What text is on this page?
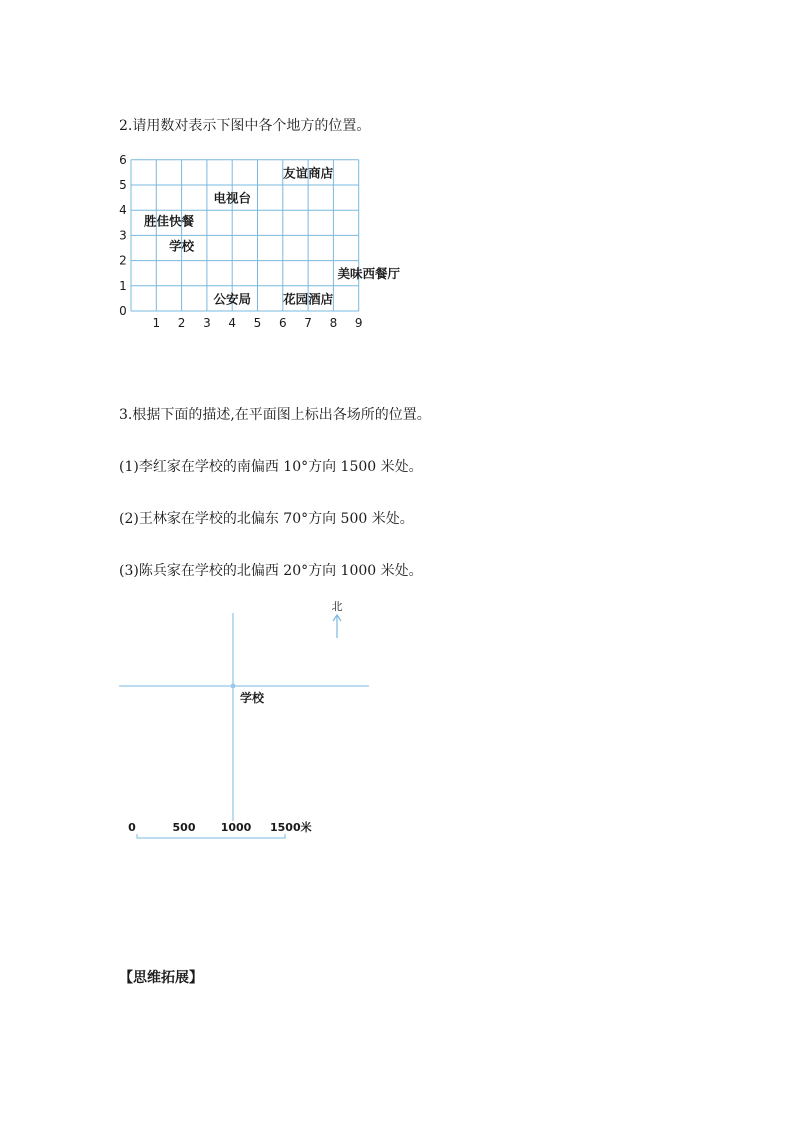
2.请用数对表示下图中各个地方的位置。
0
1
2
3
4
5
6
1 2 3 4 5 6 7 8 9
友谊商店
电视台
胜佳快餐
学校
美味西餐厅
公安局	花园酒店
3.根据下面的描述,在平面图上标出各场所的位置。
(1)李红家在学校的南偏西 10°方向 1500 米处。
(2)王林家在学校的北偏东 70°方向 500 米处。
(3)陈兵家在学校的北偏西 20°方向 1000 米处。
北
学校
0	500 1000 1500米
【思维拓展】
